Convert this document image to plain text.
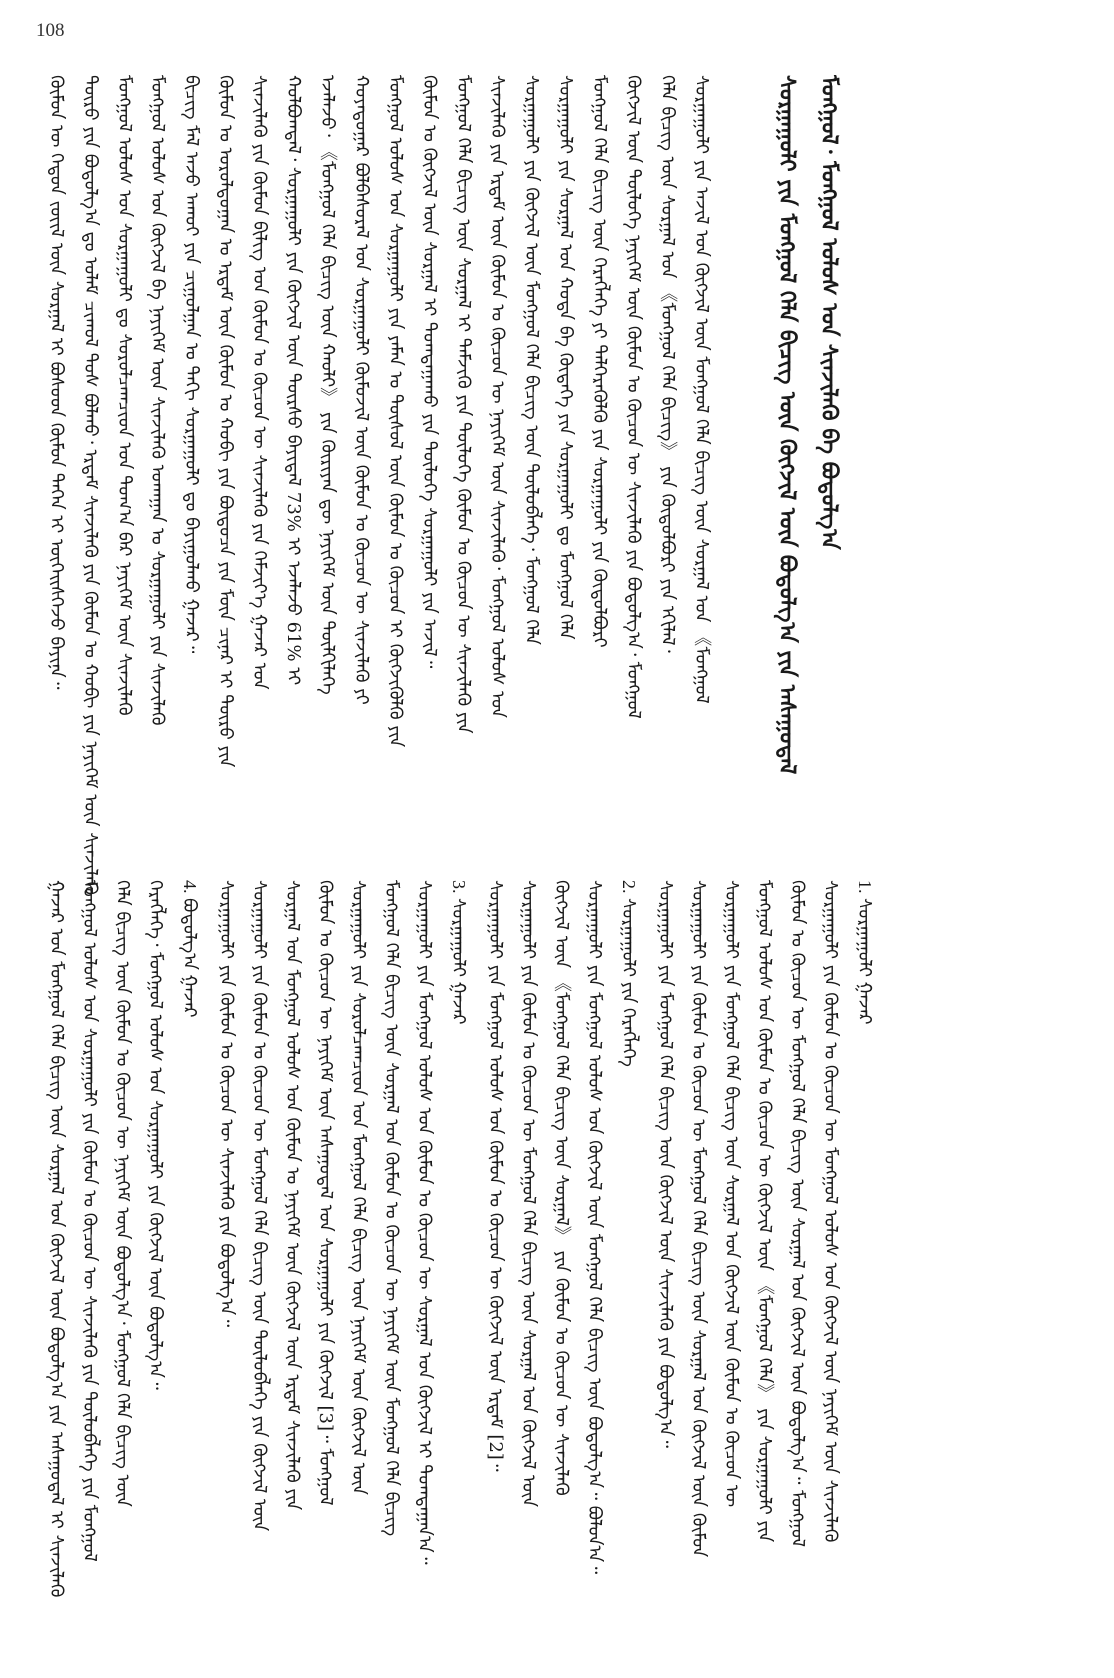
108
ᠬᠦᠮᠦᠨ ᠦ ᠬᠡᠳᠦᠨ ᠵᠦᠢᠯ ᠦᠨ ᠰᠤᠷᠭᠠᠯ ᠢ ᠪᠤᠰᠤᠳ ᠬᠦᠮᠦᠨ ᠲᠡᠭᠡᠨ ᠢ ᠦᠬᠡᠢᠰᠬᠡᠵᠦ ᠪᠠᠶᠢᠨᠠ᠃ ᠲᠦᠷᠦ ᠶᠢᠨ ᠪᠣᠳᠣᠯᠭ᠎ᠠ ᠳᠤ ᠤᠯᠠᠮ ᠴᠢᠬᠤᠯ ᠲᠤᠰ ᠪᠣᠯᠬᠤ᠂ ᠡᠷᠳᠡᠮ ᠰᠢᠨᠵᠢᠯᠡᠬᠦ ᠶᠢᠨ ᠬᠦᠮᠦᠨ ᠤ ᠬᠤᠪᠢ ᠶᠢᠨ ᠨᠡᠶᠢᠭᠡᠮ ᠦᠨ ᠰᠢᠨᠵᠢᠯᠡᠬᠦ ᠮᠣᠩᠭᠣᠯ ᠤᠯᠤᠰ ᠤᠨ ᠰᠤᠷᠭᠠᠭᠤᠯᠢ ᠳᠤ ᠰᠤᠷᠤᠯᠴᠠᠭᠴᠢᠳ ᠤᠨ ᠲᠣᠭ᠎ᠠ ᠪᠠᠷ ᠨᠡᠶᠢᠭᠡᠮ ᠦᠨ ᠰᠢᠨᠵᠢᠯᠡᠬᠦ ᠮᠣᠩᠭᠣᠯ ᠤᠯᠤᠰ ᠤᠨ ᠬᠥᠭᠵᠢᠯ ᠪᠠ ᠨᠡᠶᠢᠭᠡᠮ ᠦᠨ ᠰᠢᠨᠵᠢᠯᠡᠬᠦ ᠤᠬᠠᠭᠠᠨ ᠤ ᠰᠤᠷᠭᠠᠭᠤᠯᠢ ᠶᠢᠨ ᠰᠢᠨᠵᠢᠯᠡᠬᠦ ᠪᠢᠴᠢᠭ᠌ ᠮᠠᠯ ᠠᠵᠤ ᠠᠬᠤᠢ ᠶᠢᠨ ᠴᠢᠭᠤᠯᠭᠠᠨ ᠤ ᠲᠡᠬᠢ ᠰᠤᠷᠭᠠᠭᠤᠯᠢ ᠳᠤ ᠪᠠᠶᠢᠭᠤᠯᠬᠤ ᠭᠠᠵᠠᠷ᠃ ᠬᠦᠮᠦᠨ ᠤ ᠤᠷᠤᠯᠳᠤᠭᠠᠨ ᠤ ᠡᠷᠳᠡᠮ ᠦᠨ ᠬᠦᠮᠦᠨ ᠤ ᠬᠤᠪᠢ ᠶᠢᠨ ᠪᠦᠲᠦᠴᠡ ᠶᠢᠨ ᠮᠥᠨ ᠴᠢᠨᠠᠷ ᠢ ᠲᠦᠷᠦ ᠶᠢᠨ ᠰᠢᠨᠵᠢᠯᠡᠬᠦ ᠶᠢᠨ ᠬᠦᠮᠦᠨ ᠪᠢᠯᠢᠭ ᠤᠨ ᠬᠦᠮᠦᠨ ᠤ ᠬᠦᠴᠦᠨ ᠦ ᠰᠢᠨᠵᠢᠯᠡᠬᠦ ᠶᠢᠨ ᠬᠡᠮᠵᠢᠶ᠎ᠡ ᠭᠠᠵᠠᠷ ᠤᠨ ᠬᠣᠯᠪᠣᠭᠳᠠᠯ᠂ ᠰᠤᠷᠭᠠᠭᠤᠯᠢ ᠶᠢᠨ ᠬᠥᠭᠵᠢᠯ ᠦᠨ ᠳᠦᠷᠰᠦ ᠪᠠᠶᠢᠳᠠᠯ 73% ᠢ ᠡᠵᠡᠯᠡᠵᠦ 61% ᠢ ᠡᠵᠡᠯᠡᠵᠦ᠂ 《ᠮᠣᠩᠭᠣᠯ ᠬᠡᠯᠡ ᠪᠢᠴᠢᠭ᠌ ᠦᠨ ᠬᠠᠤᠯᠢ》 ᠶᠢᠨ ᠬᠦᠷᠢᠶᠡᠨ ᠳᠦ ᠨᠡᠶᠢᠭᠡᠮ ᠦᠨ ᠲᠦᠯᠬᠢᠯᠡᠭᠡ ᠬᠣᠶᠠᠳᠤᠭᠠᠷ ᠪᠣᠯᠪᠠᠰᠤᠷᠠᠯ ᠤᠨ ᠰᠤᠷᠭᠠᠭᠤᠯᠢ ᠬᠦᠮᠦᠵᠢᠯ ᠦᠨ ᠬᠦᠮᠦᠨ ᠤ ᠬᠦᠴᠦᠨ ᠦ ᠰᠢᠨᠵᠢᠯᠡᠬᠦ ᠶᠢ ᠮᠣᠩᠭᠣᠯ ᠤᠯᠤᠰ ᠤᠨ ᠰᠤᠷᠭᠠᠭᠤᠯᠢ ᠶᠢᠨ ᠶᠠᠮᠠᠨ ᠤ ᠲᠥᠰᠦᠯ ᠦᠨ ᠬᠦᠮᠦᠨ ᠤ ᠬᠦᠴᠦᠨ ᠢ ᠬᠥᠭᠵᠢᠭᠦᠯᠬᠦ ᠶᠢᠨ ᠬᠦᠮᠦᠨ ᠤ ᠬᠥᠭᠵᠢᠯ ᠦᠨ ᠰᠤᠷᠭᠠᠯ ᠢ ᠲᠣᠭᠲᠠᠭᠠᠬᠤ ᠶᠢᠨ ᠲᠥᠯᠦᠭᠡ ᠰᠤᠷᠭᠠᠭᠤᠯᠢ ᠶᠢᠨ ᠠᠵᠢᠯ᠃ ᠮᠣᠩᠭᠣᠯ ᠬᠡᠯᠡ ᠪᠢᠴᠢᠭ᠌ ᠦᠨ ᠰᠤᠷᠭᠠᠯ ᠢ ᠳᠡᠮᠵᠢᠬᠦ ᠶᠢᠨ ᠲᠥᠯᠦᠭᠡ ᠬᠦᠮᠦᠨ ᠤ ᠬᠦᠴᠦᠨ ᠦ ᠰᠢᠨᠵᠢᠯᠡᠬᠦ ᠶᠢᠨ ᠰᠢᠨᠵᠢᠯᠡᠬᠦ ᠶᠢᠨ ᠡᠷᠳᠡᠮ ᠦᠨ ᠬᠦᠮᠦᠨ ᠤ ᠬᠦᠴᠦᠨ ᠦ ᠨᠡᠶᠢᠭᠡᠮ ᠦᠨ ᠰᠢᠨᠵᠢᠯᠡᠬᠦ᠂ ᠮᠣᠩᠭᠣᠯ ᠤᠯᠤᠰ ᠤᠨ ᠰᠤᠷᠭᠠᠭᠤᠯᠢ ᠶᠢᠨ ᠬᠥᠭᠵᠢᠯ ᠦᠨ ᠮᠣᠩᠭᠣᠯ ᠬᠡᠯᠡ ᠪᠢᠴᠢᠭ᠌ ᠦᠨ ᠲᠥᠯᠦᠪᠯᠡᠭᠡ᠂ ᠮᠣᠩᠭᠣᠯ ᠬᠡᠯᠡ ᠰᠤᠷᠭᠠᠭᠤᠯᠢ ᠶᠢᠨ ᠰᠤᠷᠭᠠᠯ ᠤᠨ ᠬᠣᠲᠠ ᠪᠠ ᠬᠥᠳᠡᠭᠡ ᠶᠢᠨ ᠰᠤᠷᠭᠠᠭᠤᠯᠢ ᠳᠤ ᠮᠣᠩᠭᠣᠯ ᠬᠡᠯᠡ ᠮᠣᠩᠭᠣᠯ ᠬᠡᠯᠡ ᠪᠢᠴᠢᠭ᠌ ᠦᠨ ᠬᠡᠷᠡᠭᠯᠡᠭᠡ ᠶᠢ ᠳᠡᠯᠭᠡᠷᠡᠭᠦᠯᠬᠦ ᠶᠢᠨ ᠰᠤᠷᠭᠠᠭᠤᠯᠢ ᠶᠢᠨ ᠬᠥᠲᠦᠯᠪᠦᠷᠢ ᠬᠥᠭᠵᠢᠯ ᠦᠨ ᠲᠥᠯᠦᠭᠡ ᠨᠡᠶᠢᠭᠡᠮ ᠦᠨ ᠬᠦᠮᠦᠨ ᠤ ᠬᠦᠴᠦᠨ ᠦ ᠰᠢᠨᠵᠢᠯᠡᠬᠦ ᠶᠢᠨ ᠪᠣᠳᠣᠯᠭ᠎ᠠ᠂ ᠮᠣᠩᠭᠣᠯ ᠬᠡᠯᠡ ᠪᠢᠴᠢᠭ᠌ ᠦᠨ ᠰᠤᠷᠭᠠᠯ ᠤᠨ 《ᠮᠣᠩᠭᠣᠯ ᠬᠡᠯᠡ ᠪᠢᠴᠢᠭ᠌》 ᠶᠢᠨ ᠬᠥᠲᠦᠯᠪᠦᠷᠢ ᠶᠢᠨ ᠡᠬᠢᠯᠡᠯ᠂ ᠰᠤᠷᠭᠠᠭᠤᠯᠢ ᠶᠢᠨ ᠠᠵᠢᠯ ᠤᠨ ᠬᠥᠭᠵᠢᠯ ᠦᠨ ᠮᠣᠩᠭᠣᠯ ᠬᠡᠯᠡ ᠪᠢᠴᠢᠭ᠌ ᠦᠨ ᠰᠤᠷᠭᠠᠯ ᠤᠨ 《ᠮᠣᠩᠭᠣᠯ	ᠰᠤᠷᠭᠠᠭᠤᠯᠢ ᠶᠢᠨ ᠮᠣᠩᠭᠣᠯ ᠬᠡᠯᠡ ᠪᠢᠴᠢᠭ᠌ ᠦᠨ ᠬᠥᠭᠵᠢᠯ ᠦᠨ ᠪᠣᠳᠣᠯᠭ᠎ᠠ ᠶᠢᠨ ᠠᠰᠠᠭᠤᠳᠠᠯ ᠮᠣᠩᠭᠣᠯ᠂ ᠮᠣᠩᠭᠣᠯ ᠤᠯᠤᠰ ᠤᠨ ᠰᠢᠨᠵᠢᠯᠡᠬᠦ ᠪᠠ ᠪᠣᠳᠣᠯᠭ᠎ᠠ
ᠭᠠᠵᠠᠷ ᠤᠨ ᠮᠣᠩᠭᠣᠯ ᠬᠡᠯᠡ ᠪᠢᠴᠢᠭ᠌ ᠦᠨ ᠰᠤᠷᠭᠠᠯ ᠤᠨ ᠬᠥᠭᠵᠢᠯ ᠦᠨ ᠪᠣᠳᠣᠯᠭ᠎ᠠ ᠶᠢᠨ ᠠᠰᠠᠭᠤᠳᠠᠯ ᠢ ᠰᠢᠨᠵᠢᠯᠡᠬᠦ ᠮᠣᠩᠭᠣᠯ ᠤᠯᠤᠰ ᠤᠨ ᠰᠤᠷᠭᠠᠭᠤᠯᠢ ᠶᠢᠨ ᠬᠦᠮᠦᠨ ᠤ ᠬᠦᠴᠦᠨ ᠦ ᠰᠢᠨᠵᠢᠯᠡᠬᠦ ᠶᠢᠨ ᠲᠥᠯᠦᠪᠯᠡᠭᠡ ᠶᠢᠨ ᠮᠣᠩᠭᠣᠯ ᠬᠡᠯᠡ ᠪᠢᠴᠢᠭ᠌ ᠦᠨ ᠬᠦᠮᠦᠨ ᠤ ᠬᠦᠴᠦᠨ ᠦ ᠨᠡᠶᠢᠭᠡᠮ ᠦᠨ ᠪᠣᠳᠣᠯᠭ᠎ᠠ᠂ ᠮᠣᠩᠭᠣᠯ ᠬᠡᠯᠡ ᠪᠢᠴᠢᠭ᠌ ᠦᠨ ᠬᠡᠷᠡᠭᠯᠡᠭᠡ᠂ ᠮᠣᠩᠭᠣᠯ ᠤᠯᠤᠰ ᠤᠨ ᠰᠤᠷᠭᠠᠭᠤᠯᠢ ᠶᠢᠨ ᠬᠥᠭᠵᠢᠯ ᠦᠨ ᠪᠣᠳᠣᠯᠭ᠎ᠠ᠃ 4. ᠪᠣᠳᠣᠯᠭ᠎ᠠ ᠭᠠᠵᠠᠷ ᠰᠤᠷᠭᠠᠭᠤᠯᠢ ᠶᠢᠨ ᠬᠦᠮᠦᠨ ᠤ ᠬᠦᠴᠦᠨ ᠦ ᠰᠢᠨᠵᠢᠯᠡᠬᠦ ᠶᠢᠨ ᠪᠣᠳᠣᠯᠭ᠎ᠠ᠃ ᠰᠤᠷᠭᠠᠭᠤᠯᠢ ᠶᠢᠨ ᠬᠦᠮᠦᠨ ᠤ ᠬᠦᠴᠦᠨ ᠦ ᠮᠣᠩᠭᠣᠯ ᠬᠡᠯᠡ ᠪᠢᠴᠢᠭ᠌ ᠦᠨ ᠲᠥᠯᠦᠪᠯᠡᠭᠡ ᠶᠢᠨ ᠬᠥᠭᠵᠢᠯ ᠦᠨ ᠰᠤᠷᠭᠠᠯ ᠤᠨ ᠮᠣᠩᠭᠣᠯ ᠤᠯᠤᠰ ᠤᠨ ᠬᠦᠮᠦᠨ ᠤ ᠨᠡᠶᠢᠭᠡᠮ ᠦᠨ ᠬᠥᠭᠵᠢᠯ ᠦᠨ ᠡᠷᠳᠡᠮ ᠰᠢᠨᠵᠢᠯᠡᠬᠦ ᠶᠢᠨ ᠬᠦᠮᠦᠨ ᠤ ᠬᠦᠴᠦᠨ ᠦ ᠨᠡᠶᠢᠭᠡᠮ ᠦᠨ ᠠᠰᠠᠭᠤᠳᠠᠯ ᠤᠨ ᠰᠤᠷᠭᠠᠭᠤᠯᠢ ᠶᠢᠨ ᠬᠥᠭᠵᠢᠯ [3]᠃ ᠮᠣᠩᠭᠣᠯ ᠰᠤᠷᠭᠠᠭᠤᠯᠢ ᠶᠢᠨ ᠰᠤᠷᠤᠯᠴᠠᠭᠴᠢᠳ ᠤᠨ ᠮᠣᠩᠭᠣᠯ ᠬᠡᠯᠡ ᠪᠢᠴᠢᠭ᠌ ᠦᠨ ᠨᠡᠶᠢᠭᠡᠮ ᠦᠨ ᠬᠥᠭᠵᠢᠯ ᠦᠨ ᠮᠣᠩᠭᠣᠯ ᠬᠡᠯᠡ ᠪᠢᠴᠢᠭ᠌ ᠦᠨ ᠰᠤᠷᠭᠠᠯ ᠤᠨ ᠬᠦᠮᠦᠨ ᠤ ᠬᠦᠴᠦᠨ ᠦ ᠨᠡᠶᠢᠭᠡᠮ ᠦᠨ ᠮᠣᠩᠭᠣᠯ ᠬᠡᠯᠡ ᠪᠢᠴᠢᠭ᠌ ᠰᠤᠷᠭᠠᠭᠤᠯᠢ ᠶᠢᠨ ᠮᠣᠩᠭᠣᠯ ᠤᠯᠤᠰ ᠤᠨ ᠬᠦᠮᠦᠨ ᠤ ᠬᠦᠴᠦᠨ ᠦ ᠰᠤᠷᠭᠠᠯ ᠤᠨ ᠬᠥᠭᠵᠢᠯ ᠢ ᠲᠣᠭᠲᠠᠭᠠᠨ᠎ᠠ᠃ 3. ᠰᠤᠷᠭᠠᠭᠤᠯᠢ ᠭᠠᠵᠠᠷ ᠰᠤᠷᠭᠠᠭᠤᠯᠢ ᠶᠢᠨ ᠮᠣᠩᠭᠣᠯ ᠤᠯᠤᠰ ᠤᠨ ᠬᠦᠮᠦᠨ ᠤ ᠬᠦᠴᠦᠨ ᠦ ᠬᠥᠭᠵᠢᠯ ᠦᠨ ᠡᠷᠳᠡᠮ [2]᠃ ᠰᠤᠷᠭᠠᠭᠤᠯᠢ ᠶᠢᠨ ᠬᠦᠮᠦᠨ ᠤ ᠬᠦᠴᠦᠨ ᠦ ᠮᠣᠩᠭᠣᠯ ᠬᠡᠯᠡ ᠪᠢᠴᠢᠭ᠌ ᠦᠨ ᠰᠤᠷᠭᠠᠯ ᠤᠨ ᠬᠥᠭᠵᠢᠯ ᠦᠨ ᠬᠥᠭᠵᠢᠯ ᠦᠨ 《ᠮᠣᠩᠭᠣᠯ ᠬᠡᠯᠡ ᠪᠢᠴᠢᠭ᠌ ᠦᠨ ᠰᠤᠷᠭᠠᠯ》 ᠶᠢᠨ ᠬᠦᠮᠦᠨ ᠤ ᠬᠦᠴᠦᠨ ᠦ ᠰᠢᠨᠵᠢᠯᠡᠬᠦ ᠰᠤᠷᠭᠠᠭᠤᠯᠢ ᠶᠢᠨ ᠮᠣᠩᠭᠣᠯ ᠤᠯᠤᠰ ᠤᠨ ᠬᠥᠭᠵᠢᠯ ᠦᠨ ᠮᠣᠩᠭᠣᠯ ᠬᠡᠯᠡ ᠪᠢᠴᠢᠭ᠌ ᠦᠨ ᠪᠣᠳᠣᠯᠭ᠎ᠠ᠃ ᠪᠣᠯᠤᠨ᠎ᠠ᠃ 2. ᠰᠤᠷᠭᠠᠭᠤᠯᠢ ᠶᠢᠨ ᠬᠡᠷᠡᠭᠯᠡᠭᠡ ᠰᠤᠷᠭᠠᠭᠤᠯᠢ ᠶᠢᠨ ᠮᠣᠩᠭᠣᠯ ᠬᠡᠯᠡ ᠪᠢᠴᠢᠭ᠌ ᠦᠨ ᠬᠥᠭᠵᠢᠯ ᠦᠨ ᠰᠢᠨᠵᠢᠯᠡᠬᠦ ᠶᠢᠨ ᠪᠣᠳᠣᠯᠭ᠎ᠠ᠃ ᠰᠤᠷᠭᠠᠭᠤᠯᠢ ᠶᠢᠨ ᠬᠦᠮᠦᠨ ᠤ ᠬᠦᠴᠦᠨ ᠦ ᠮᠣᠩᠭᠣᠯ ᠬᠡᠯᠡ ᠪᠢᠴᠢᠭ᠌ ᠦᠨ ᠰᠤᠷᠭᠠᠯ ᠤᠨ ᠬᠥᠭᠵᠢᠯ ᠦᠨ ᠬᠦᠮᠦᠨ ᠰᠤᠷᠭᠠᠭᠤᠯᠢ ᠶᠢᠨ ᠮᠣᠩᠭᠣᠯ ᠬᠡᠯᠡ ᠪᠢᠴᠢᠭ᠌ ᠦᠨ ᠰᠤᠷᠭᠠᠯ ᠤᠨ ᠬᠥᠭᠵᠢᠯ ᠦᠨ ᠬᠦᠮᠦᠨ ᠤ ᠬᠦᠴᠦᠨ ᠦ ᠮᠣᠩᠭᠣᠯ ᠤᠯᠤᠰ ᠤᠨ ᠬᠦᠮᠦᠨ ᠤ ᠬᠦᠴᠦᠨ ᠦ ᠬᠥᠭᠵᠢᠯ ᠦᠨ 《ᠮᠣᠩᠭᠣᠯ ᠬᠡᠯᠡ》 ᠶᠢᠨ ᠰᠤᠷᠭᠠᠭᠤᠯᠢ ᠶᠢᠨ ᠬᠦᠮᠦᠨ ᠤ ᠬᠦᠴᠦᠨ ᠦ ᠮᠣᠩᠭᠣᠯ ᠬᠡᠯᠡ ᠪᠢᠴᠢᠭ᠌ ᠦᠨ ᠰᠤᠷᠭᠠᠯ ᠤᠨ ᠬᠥᠭᠵᠢᠯ ᠦᠨ ᠪᠣᠳᠣᠯᠭ᠎ᠠ᠃ ᠮᠣᠩᠭᠣᠯ ᠰᠤᠷᠭᠠᠭᠤᠯᠢ ᠶᠢᠨ ᠬᠦᠮᠦᠨ ᠤ ᠬᠦᠴᠦᠨ ᠦ ᠮᠣᠩᠭᠣᠯ ᠤᠯᠤᠰ ᠤᠨ ᠬᠥᠭᠵᠢᠯ ᠦᠨ ᠨᠡᠶᠢᠭᠡᠮ ᠦᠨ ᠰᠢᠨᠵᠢᠯᠡᠬᠦ 1. ᠰᠤᠷᠭᠠᠭᠤᠯᠢ ᠭᠠᠵᠠᠷ
